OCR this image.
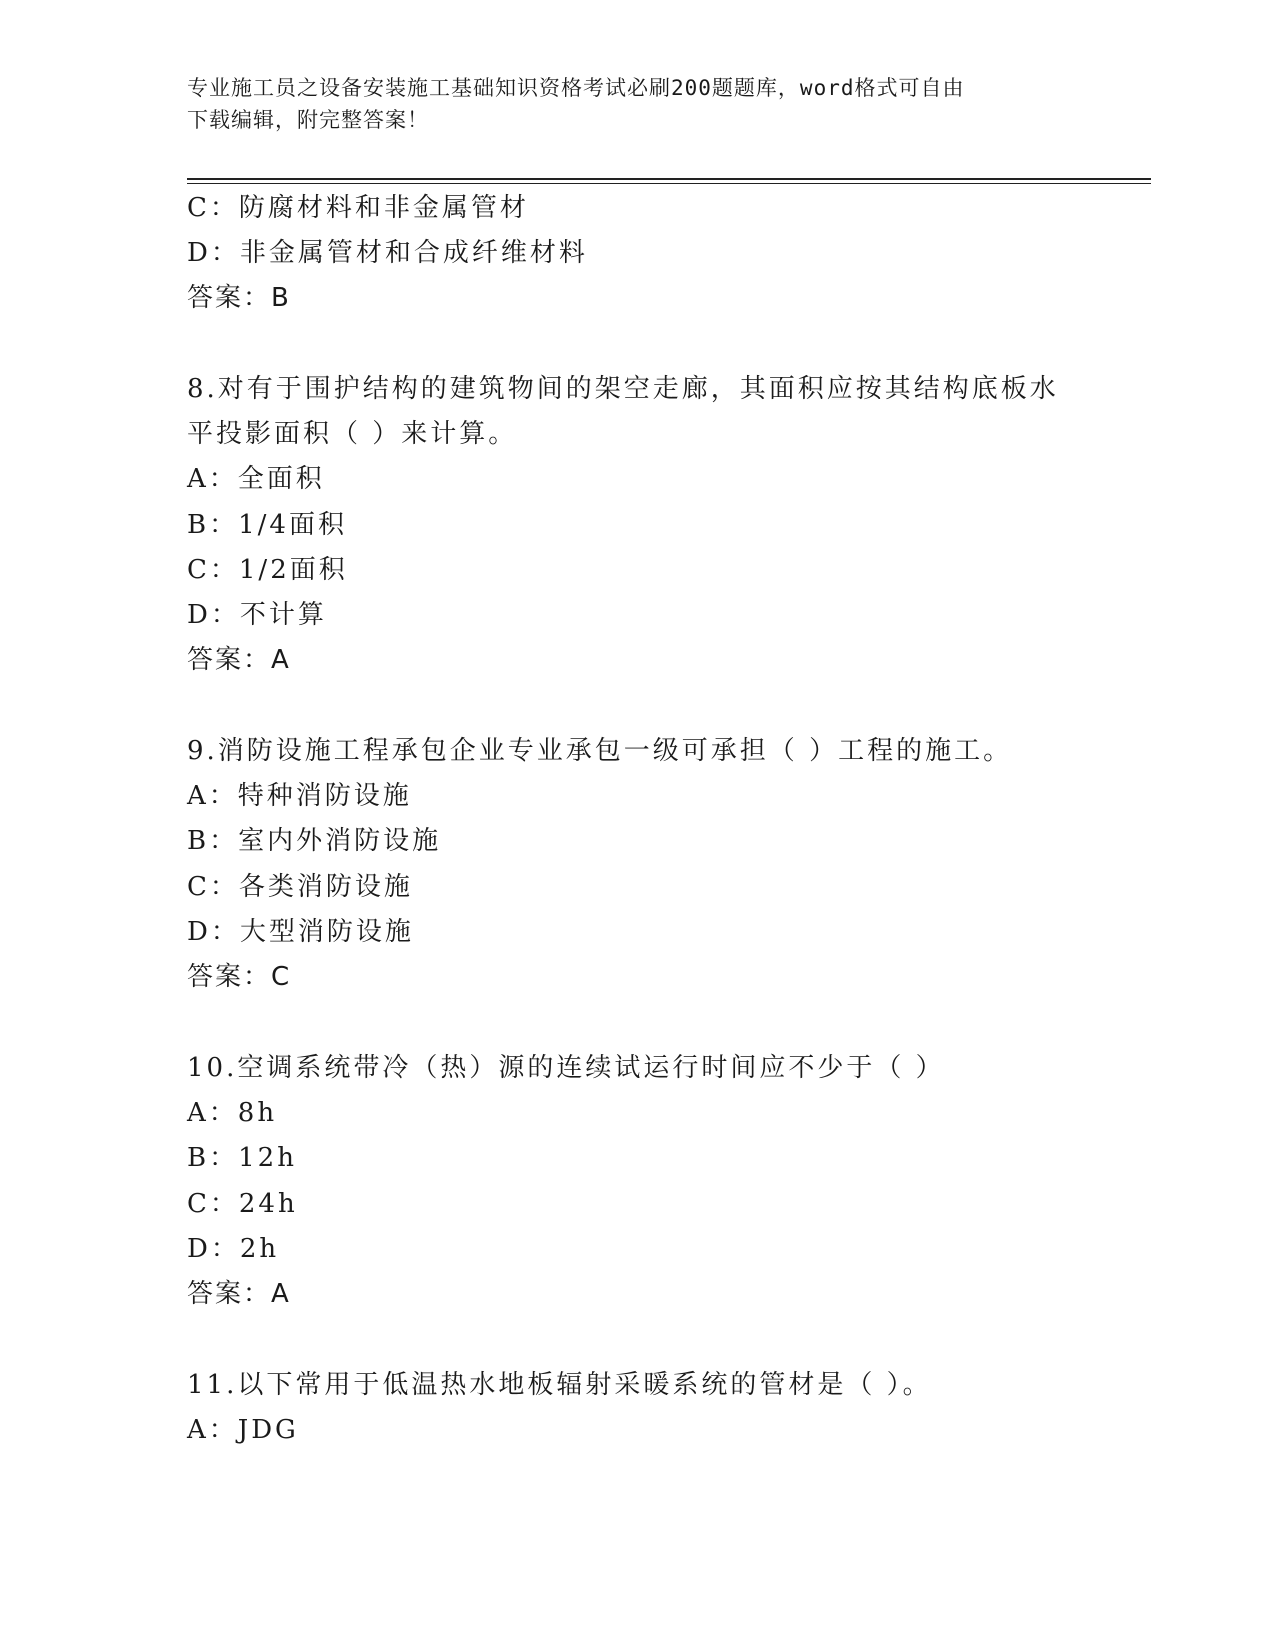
专业施工员之设备安装施工基础知识资格考试必刷200题题库，word格式可自由
下载编辑，附完整答案！
C：防腐材料和非金属管材
D：非金属管材和合成纤维材料
答案：B
8.对有于围护结构的建筑物间的架空走廊，其面积应按其结构底板水
平投影面积（ ）来计算。
A：全面积
B：1/4面积
C：1/2面积
D：不计算
答案：A
9.消防设施工程承包企业专业承包一级可承担（ ）工程的施工。
A：特种消防设施
B：室内外消防设施
C：各类消防设施
D：大型消防设施
答案：C
10.空调系统带冷（热）源的连续试运行时间应不少于（ ）
A：8h
B：12h
C：24h
D：2h
答案：A
11.以下常用于低温热水地板辐射采暖系统的管材是（ ）。
A：JDG
